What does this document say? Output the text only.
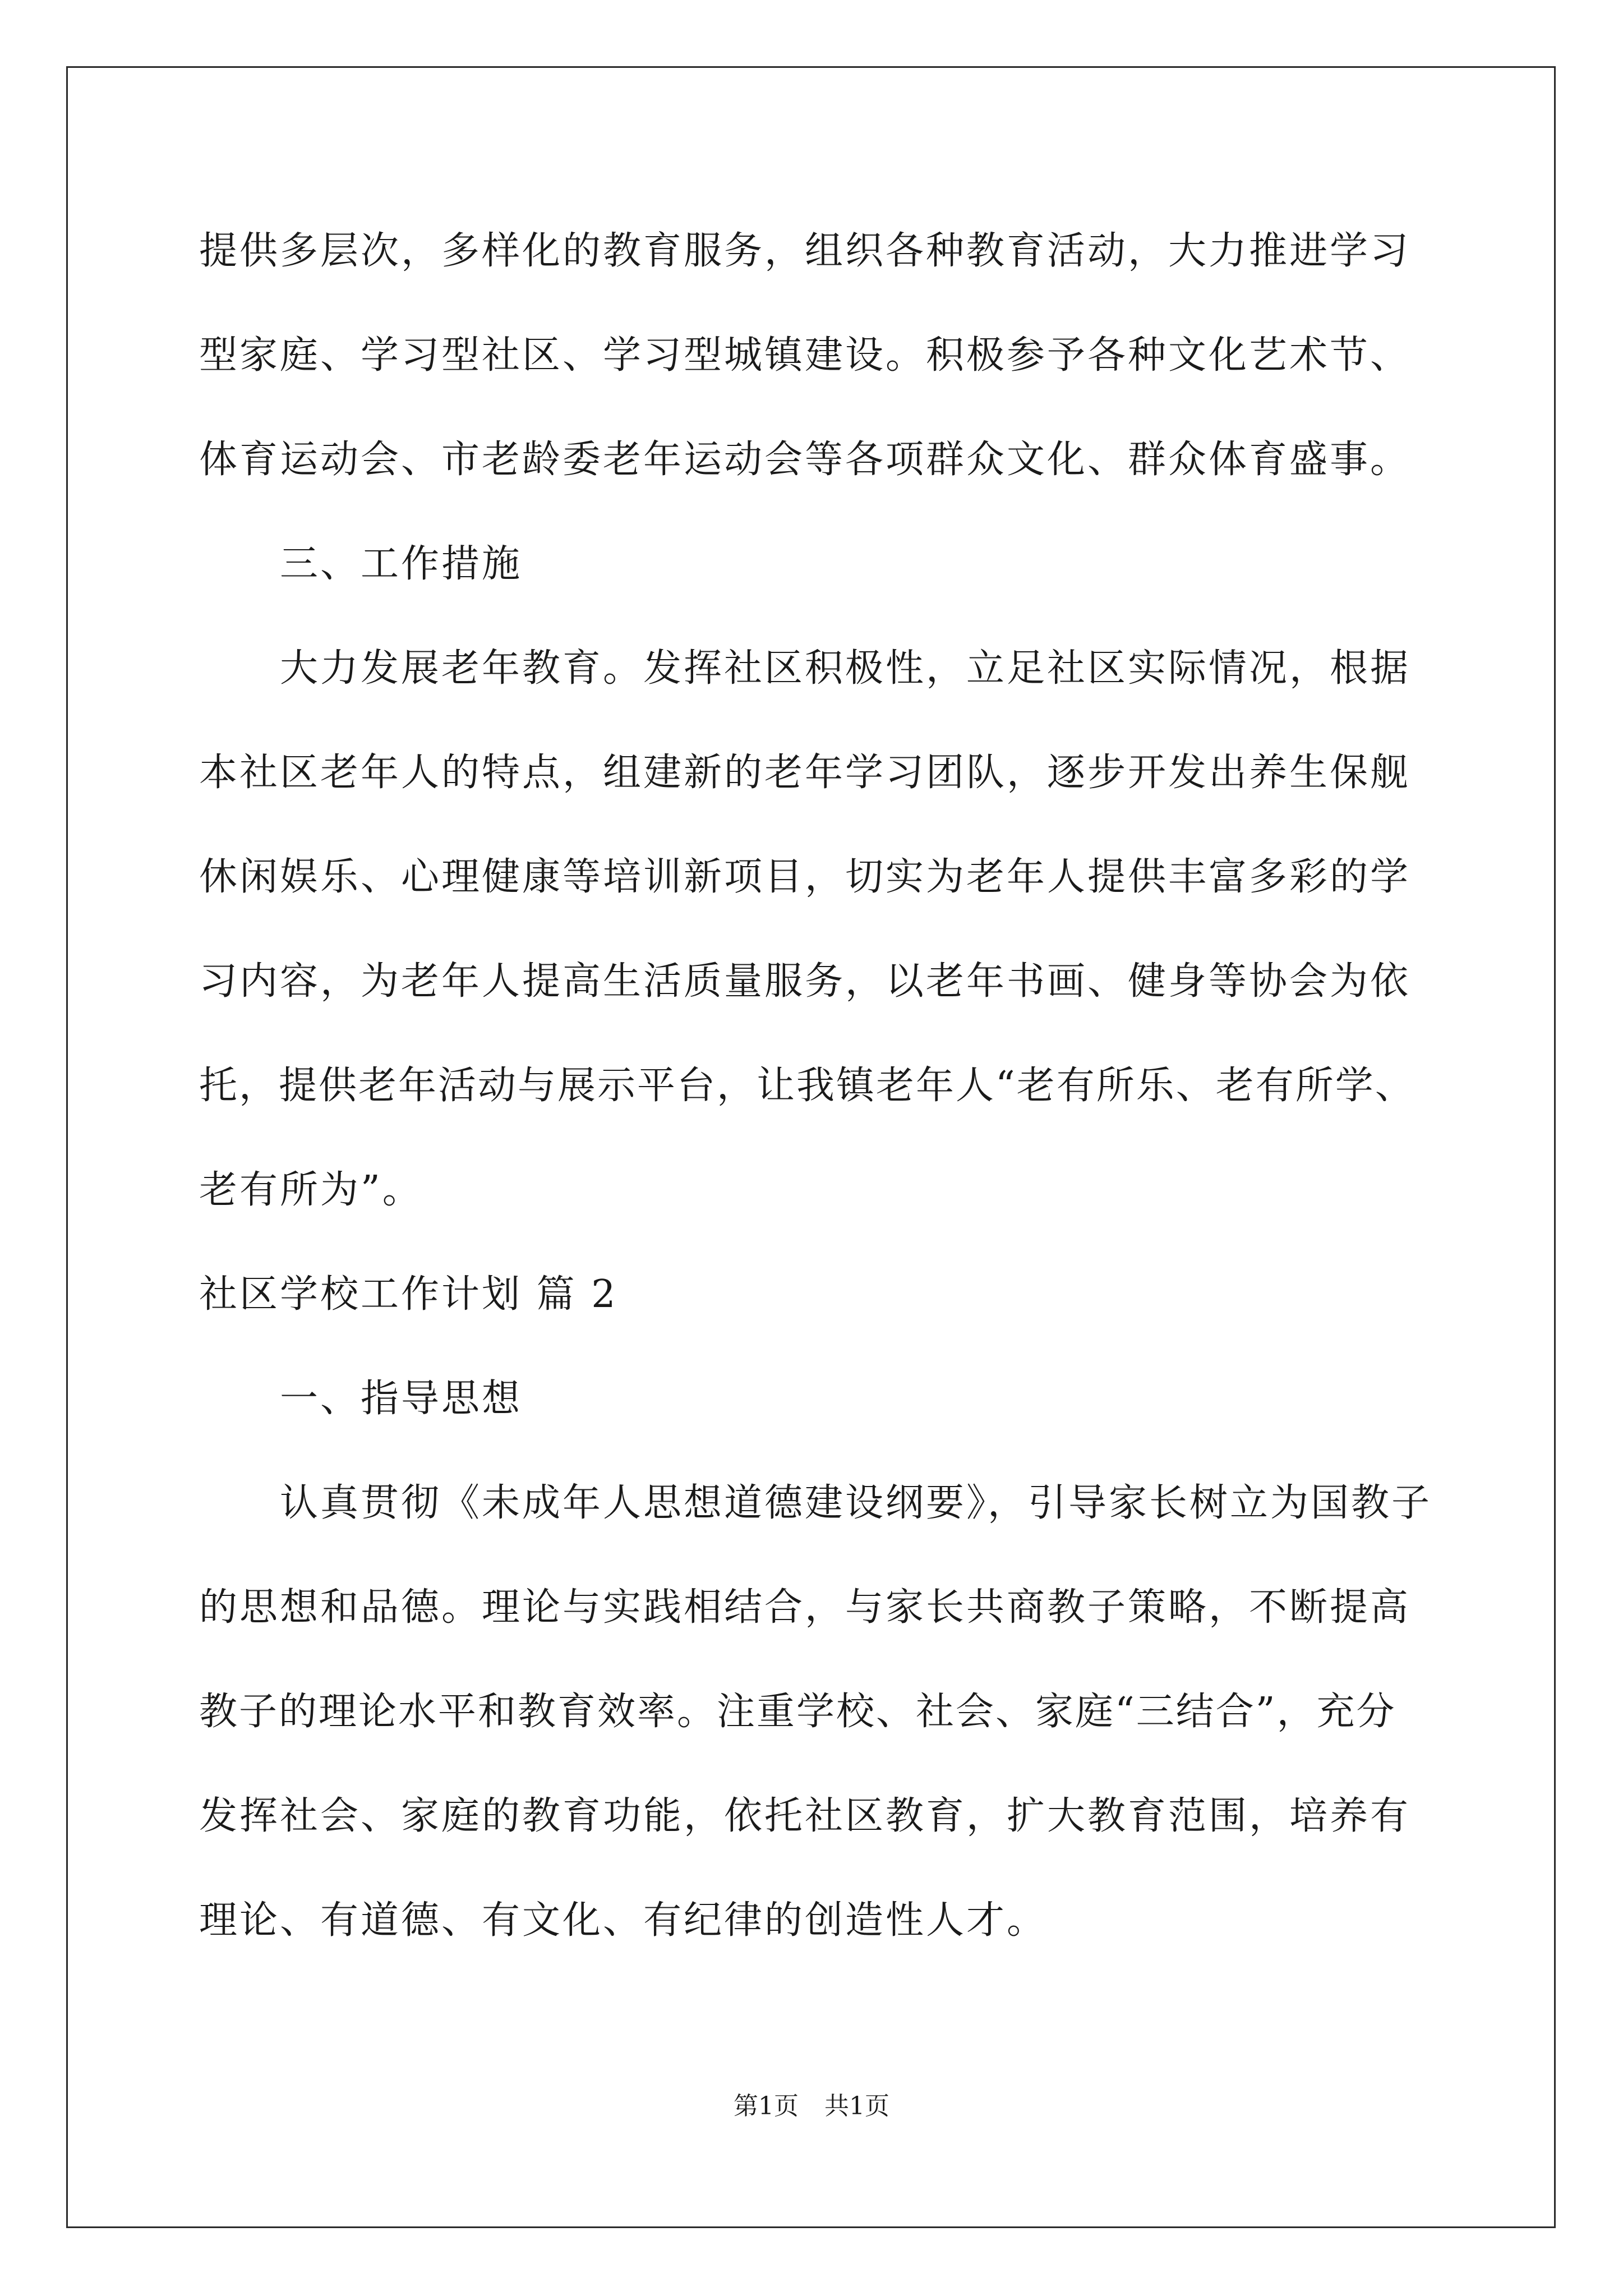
提供多层次，多样化的教育服务，组织各种教育活动，大力推进学习
型家庭、学习型社区、学习型城镇建设。积极参予各种文化艺术节、
体育运动会、市老龄委老年运动会等各项群众文化、群众体育盛事。
三、工作措施
大力发展老年教育。发挥社区积极性，立足社区实际情况，根据
本社区老年人的特点，组建新的老年学习团队，逐步开发出养生保舰
休闲娱乐、心理健康等培训新项目，切实为老年人提供丰富多彩的学
习内容，为老年人提高生活质量服务，以老年书画、健身等协会为依
托，提供老年活动与展示平台，让我镇老年人“老有所乐、老有所学、
老有所为”。
社区学校工作计划 篇 2
一、指导思想
认真贯彻《未成年人思想道德建设纲要》，引导家长树立为国教子
的思想和品德。理论与实践相结合，与家长共商教子策略，不断提高
教子的理论水平和教育效率。注重学校、社会、家庭“三结合”，充分
发挥社会、家庭的教育功能，依托社区教育，扩大教育范围，培养有
理论、有道德、有文化、有纪律的创造性人才。
第1页 共1页
